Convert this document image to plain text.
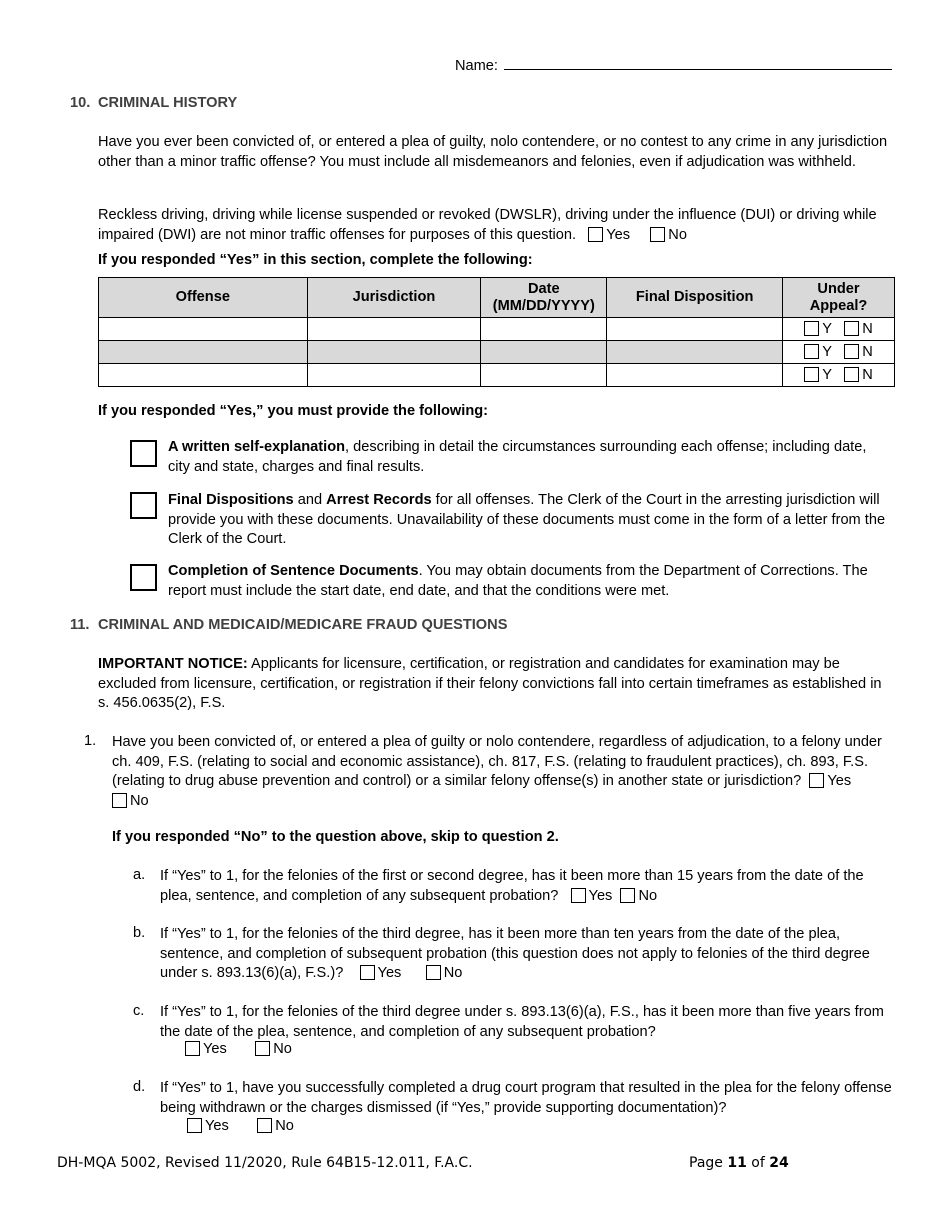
Name:
10. CRIMINAL HISTORY

Have you ever been convicted of, or entered a plea of guilty, nolo contendere, or no contest to any crime in any jurisdiction other than a minor traffic offense? You must include all misdemeanors and felonies, even if adjudication was withheld.

Reckless driving, driving while license suspended or revoked (DWSLR), driving under the influence (DUI) or driving while impaired (DWI) are not minor traffic offenses for purposes of this question. Yes	No

If you responded “Yes” in this section, complete the following:
Offense	Jurisdiction	Date (MM/DD/YYYY)	Final Disposition	Under Appeal?
				Y N
				Y N
				Y N
If you responded “Yes,” you must provide the following:

A written self-explanation, describing in detail the circumstances surrounding each offense; including date, city and state, charges and final results.

Final Dispositions and Arrest Records for all offenses. The Clerk of the Court in the arresting jurisdiction will provide you with these documents. Unavailability of these documents must come in the form of a letter from the Clerk of the Court.

Completion of Sentence Documents. You may obtain documents from the Department of Corrections. The report must include the start date, end date, and that the conditions were met.

11. CRIMINAL AND MEDICAID/MEDICARE FRAUD QUESTIONS

IMPORTANT NOTICE: Applicants for licensure, certification, or registration and candidates for examination may be excluded from licensure, certification, or registration if their felony convictions fall into certain timeframes as established in s. 456.0635(2), F.S.

1. Have you been convicted of, or entered a plea of guilty or nolo contendere, regardless of adjudication, to a felony under ch. 409, F.S. (relating to social and economic assistance), ch. 817, F.S. (relating to fraudulent practices), ch. 893, F.S. (relating to drug abuse prevention and control) or a similar felony offense(s) in another state or jurisdiction? Yes    No

If you responded “No” to the question above, skip to question 2.
a. If “Yes” to 1, for the felonies of the first or second degree, has it been more than 15 years from the date of the plea, sentence, and completion of any subsequent probation? Yes No

b. If “Yes” to 1, for the felonies of the third degree, has it been more than ten years from the date of the plea, sentence, and completion of subsequent probation (this question does not apply to felonies of the third degree under s. 893.13(6)(a), F.S.)? Yes	No

c. If “Yes” to 1, for the felonies of the third degree under s. 893.13(6)(a), F.S., has it been more than five years from the date of the plea, sentence, and completion of any subsequent probation?

Yes	No
d. If “Yes” to 1, have you successfully completed a drug court program that resulted in the plea for the felony offense being withdrawn or the charges dismissed (if “Yes,” provide supporting documentation)?

Yes	No
DH-MQA 5002, Revised 11/2020, Rule 64B15-12.011, F.A.C.	Page 11 of 24
